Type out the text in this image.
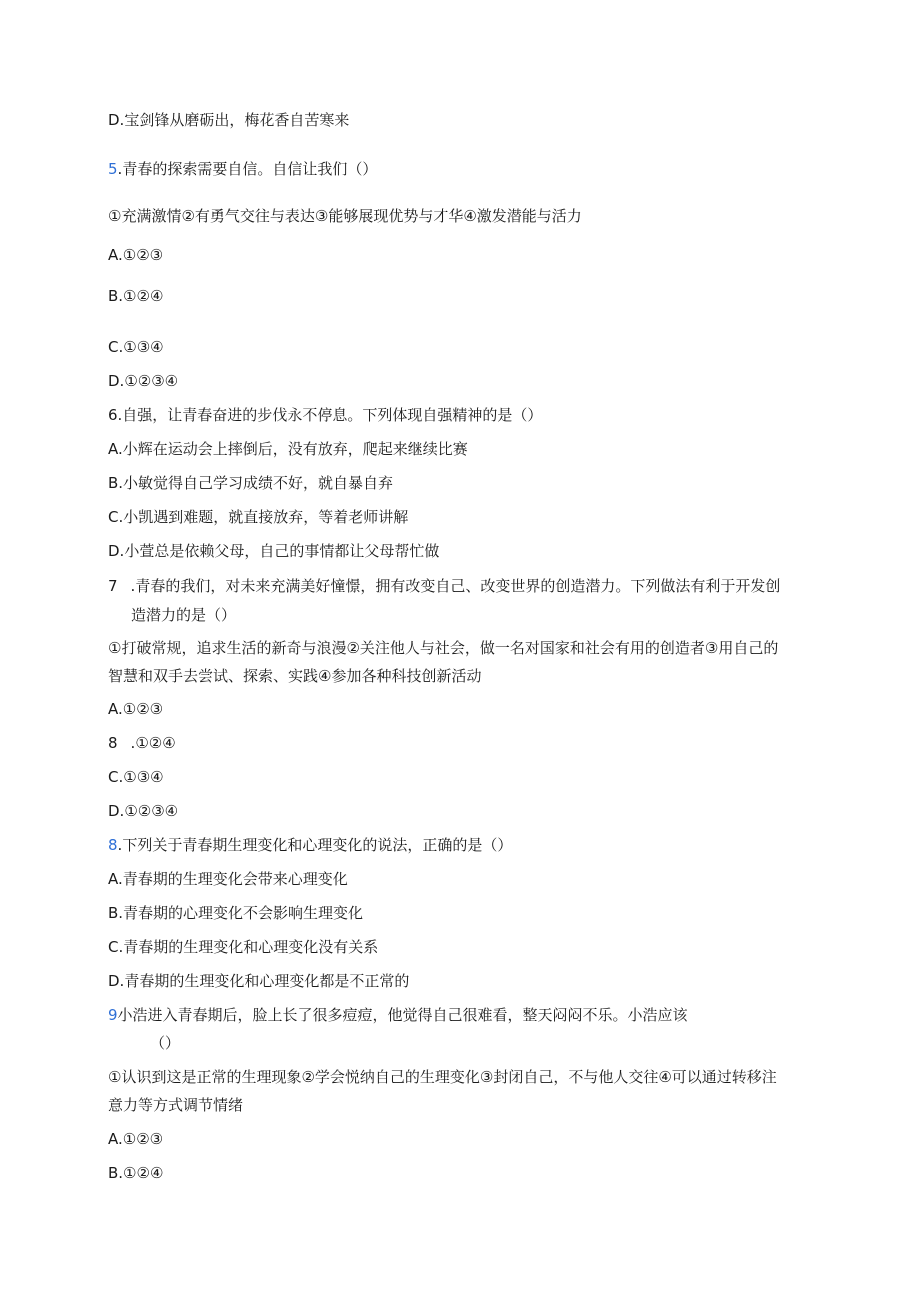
D.宝剑锋从磨砺出，梅花香自苦寒来
5.青春的探索需要自信。自信让我们（）
①充满激情②有勇气交往与表达③能够展现优势与才华④激发潜能与活力
A.①②③
B.①②④
C.①③④
D.①②③④
6.自强，让青春奋进的步伐永不停息。下列体现自强精神的是（）
A.小辉在运动会上摔倒后，没有放弃，爬起来继续比赛
B.小敏觉得自己学习成绩不好，就自暴自弃
C.小凯遇到难题，就直接放弃，等着老师讲解
D.小萱总是依赖父母，自己的事情都让父母帮忙做
7 .青春的我们，对未来充满美好憧憬，拥有改变自己、改变世界的创造潜力。下列做法有利于开发创
造潜力的是（）
①打破常规，追求生活的新奇与浪漫②关注他人与社会，做一名对国家和社会有用的创造者③用自己的
智慧和双手去尝试、探索、实践④参加各种科技创新活动
A.①②③
8 .①②④
C.①③④
D.①②③④
8.下列关于青春期生理变化和心理变化的说法，正确的是（）
A.青春期的生理变化会带来心理变化
B.青春期的心理变化不会影响生理变化
C.青春期的生理变化和心理变化没有关系
D.青春期的生理变化和心理变化都是不正常的
9小浩进入青春期后，脸上长了很多痘痘，他觉得自己很难看，整天闷闷不乐。小浩应该
（）
①认识到这是正常的生理现象②学会悦纳自己的生理变化③封闭自己，不与他人交往④可以通过转移注
意力等方式调节情绪
A.①②③
B.①②④
